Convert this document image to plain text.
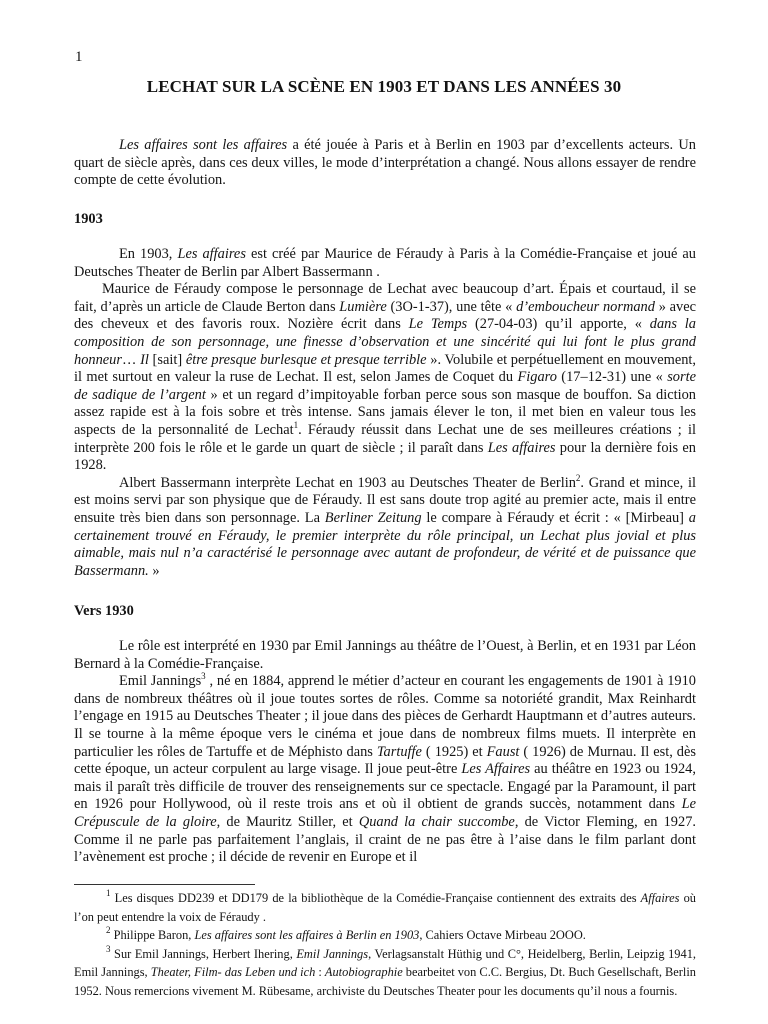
1
LECHAT SUR LA SCÈNE EN 1903 ET DANS LES ANNÉES 30

Les affaires sont les affaires a été jouée à Paris et à Berlin en 1903 par d’excellents acteurs. Un quart de siècle après, dans ces deux villes, le mode d’interprétation a changé. Nous allons essayer de rendre compte de cette évolution.

1903

En 1903, Les affaires est créé par Maurice de Féraudy à Paris à la Comédie-Française et joué au Deutsches Theater de Berlin par Albert Bassermann .

Maurice de Féraudy compose le personnage de Lechat avec beaucoup d’art. Épais et courtaud, il se fait, d’après un article de Claude Berton dans Lumière (3O-1-37), une tête « d’emboucheur normand » avec des cheveux et des favoris roux. Nozière écrit dans Le Temps (27-04-03) qu’il apporte, « dans la composition de son personnage, une finesse d’observation et une sincérité qui lui font le plus grand honneur… Il [sait] être presque burlesque et presque terrible ». Volubile et perpétuellement en mouvement, il met surtout en valeur la ruse de Lechat. Il est, selon James de Coquet du Figaro (17–12-31) une « sorte de sadique de l’argent » et un regard d’impitoyable forban perce sous son masque de bouffon. Sa diction assez rapide est à la fois sobre et très intense. Sans jamais élever le ton, il met bien en valeur tous les aspects de la personnalité de Lechat$^1$. Féraudy réussit dans Lechat une de ses meilleures créations ; il interprète 200 fois le rôle et le garde un quart de siècle ; il paraît dans Les affaires pour la dernière fois en 1928.

Albert Bassermann interprète Lechat en 1903 au Deutsches Theater de Berlin$^2$. Grand et mince, il est moins servi par son physique que de Féraudy. Il est sans doute trop agité au premier acte, mais il entre ensuite très bien dans son personnage. La Berliner Zeitung le compare à Féraudy et écrit : « [Mirbeau] a certainement trouvé en Féraudy, le premier interprète du rôle principal, un Lechat plus jovial et plus aimable, mais nul n’a caractérisé le personnage avec autant de profondeur, de vérité et de puissance que Bassermann. »

Vers 1930

Le rôle est interprété en 1930 par Emil Jannings au théâtre de l’Ouest, à Berlin, et en 1931 par Léon Bernard à la Comédie-Française.

Emil Jannings$^3$ , né en 1884, apprend le métier d’acteur en courant les engagements de 1901 à 1910 dans de nombreux théâtres où il joue toutes sortes de rôles. Comme sa notoriété grandit, Max Reinhardt l’engage en 1915 au Deutsches Theater ; il joue dans des pièces de Gerhardt Hauptmann et d’autres auteurs. Il se tourne à la même époque vers le cinéma et joue dans de nombreux films muets. Il interprète en particulier les rôles de Tartuffe et de Méphisto dans Tartuffe ( 1925) et Faust ( 1926) de Murnau. Il est, dès cette époque, un acteur corpulent au large visage. Il joue peut-être Les Affaires au théâtre en 1923 ou 1924, mais il paraît très difficile de trouver des renseignements sur ce spectacle. Engagé par la Paramount, il part en 1926 pour Hollywood, où il reste trois ans et où il obtient de grands succès, notamment dans Le Crépuscule de la gloire, de Mauritz Stiller, et Quand la chair succombe, de Victor Fleming, en 1927. Comme il ne parle pas parfaitement l’anglais, il craint de ne pas être à l’aise dans le film parlant dont l’avènement est proche ; il décide de revenir en Europe et il

$^1$ Les disques DD239 et DD179 de la bibliothèque de la Comédie-Française contiennent des extraits des Affaires où l’on peut entendre la voix de Féraudy .

$^2$ Philippe Baron, Les affaires sont les affaires à Berlin en 1903, Cahiers Octave Mirbeau 2OOO.

$^3$ Sur Emil Jannings, Herbert Ihering, Emil Jannings, Verlagsanstalt Hüthig und C°, Heidelberg, Berlin, Leipzig 1941, Emil Jannings, Theater, Film- das Leben und ich : Autobiographie bearbeitet von C.C. Bergius, Dt. Buch Gesellschaft, Berlin 1952. Nous remercions vivement M. Rübesame, archiviste du Deutsches Theater pour les documents qu’il nous a fournis.
